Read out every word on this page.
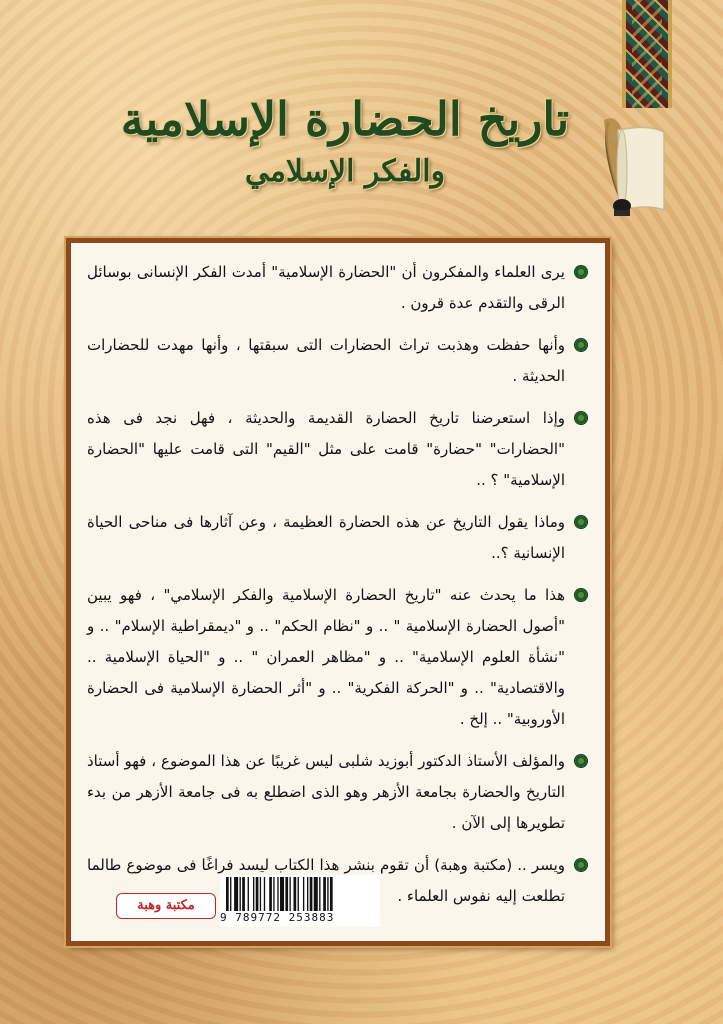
تاريخ الحضارة الإسلامية
والفكر الإسلامي
يرى العلماء والمفكرون أن "الحضارة الإسلامية" أمدت الفكر الإنسانى بوسائل الرقى والتقدم عدة قرون .
وأنها حفظت وهذبت تراث الحضارات التى سبقتها ، وأنها مهدت للحضارات الحديثة .
وإذا استعرضنا تاريخ الحضارة القديمة والحديثة ، فهل نجد فى هذه "الحضارات" "حضارة" قامت على مثل "القيم" التى قامت عليها "الحضارة الإسلامية" ؟ ..
وماذا يقول التاريخ عن هذه الحضارة العظيمة ، وعن آثارها فى مناحى الحياة الإنسانية ؟..
هذا ما يحدث عنه "تاريخ الحضارة الإسلامية والفكر الإسلامي" ، فهو يبين "أصول الحضارة الإسلامية " .. و "نظام الحكم" .. و "ديمقراطية الإسلام" .. و "نشأة العلوم الإسلامية" .. و "مظاهر العمران " .. و "الحياة الإسلامية .. والاقتصادية" .. و "الحركة الفكرية" .. و "أثر الحضارة الإسلامية فى الحضارة الأوروبية" .. إلخ .
والمؤلف الأستاذ الدكتور أبوزيد شلبى ليس غريبًا عن هذا الموضوع ، فهو أستاذ التاريخ والحضارة بجامعة الأزهر وهو الذى اضطلع به فى جامعة الأزهر من بدء تطويرها إلى الآن .
ويسر .. (مكتبة وهبة) أن تقوم بنشر هذا الكتاب ليسد فراغًا فى موضوع طالما تطلعت إليه نفوس العلماء .
9 789772 253883
مكتبة وهبة
